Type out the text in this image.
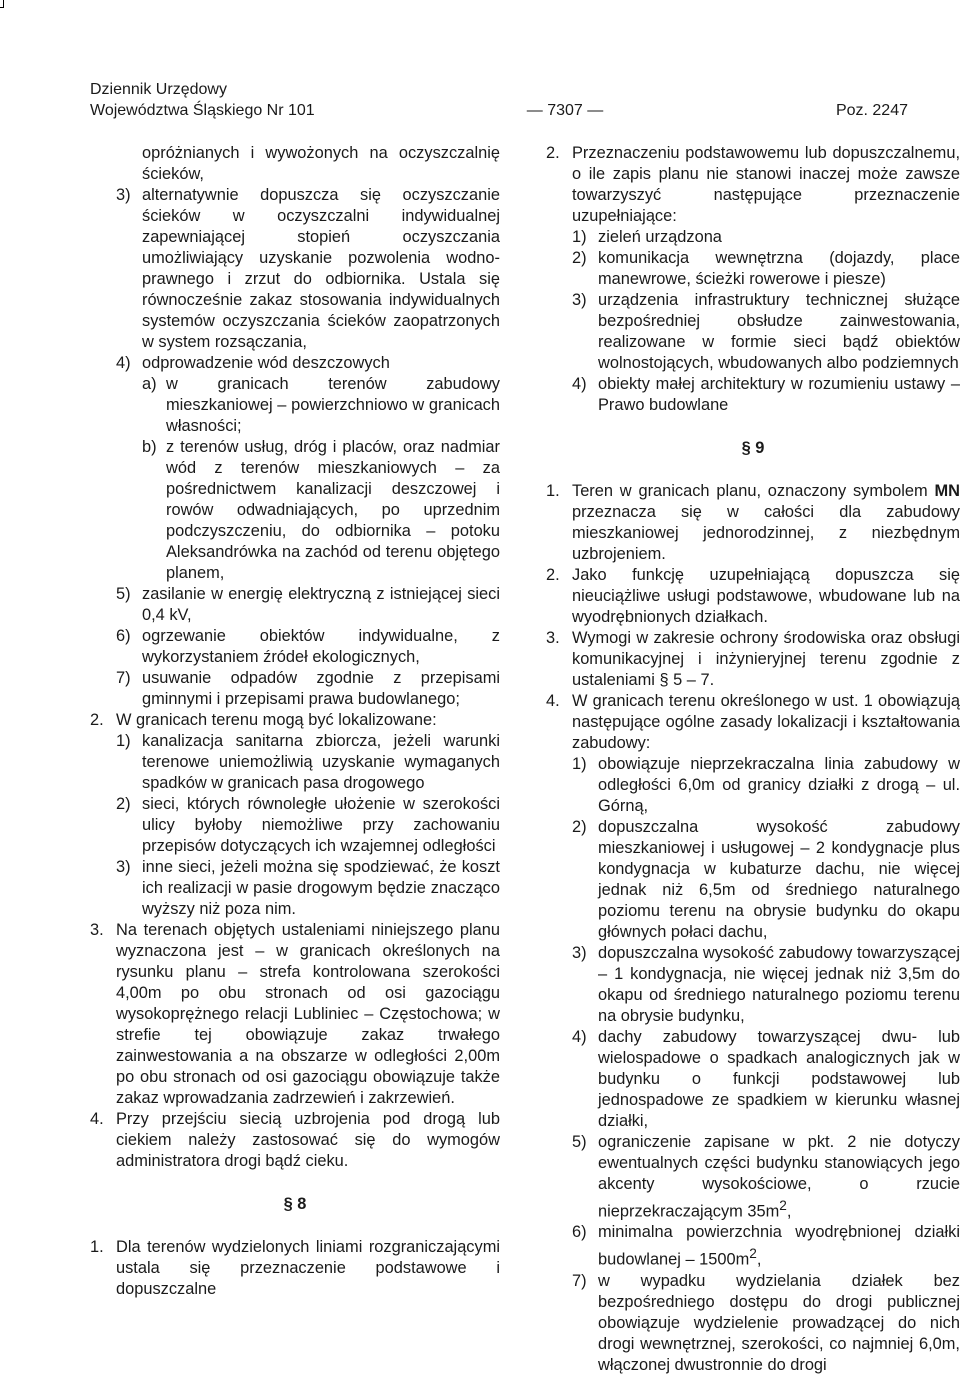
Dziennik Urzędowy
Województwa Śląskiego Nr 101	— 7307 —	Poz. 2247

opróżnianych i wywożonych na oczyszczalnię ścieków,

3) alternatywnie dopuszcza się oczyszczanie ścieków w oczyszczalni indywidualnej zapewniającej stopień oczyszczania umożliwiający uzyskanie pozwolenia wodno-prawnego i zrzut do odbiornika. Ustala się równocześnie zakaz stosowania indywidualnych systemów oczyszczania ścieków zaopatrzonych w system rozsączania,
4) odprowadzenie wód deszczowych
a) w granicach terenów zabudowy mieszkaniowej – powierzchniowo w granicach własności;
b) z terenów usług, dróg i placów, oraz nadmiar wód z terenów mieszkaniowych – za pośrednictwem kanalizacji deszczowej i rowów odwadniających, po uprzednim podczyszczeniu, do odbiornika – potoku Aleksandrówka na zachód od terenu objętego planem,
5) zasilanie w energię elektryczną z istniejącej sieci 0,4 kV,
6) ogrzewanie obiektów indywidualne, z wykorzystaniem źródeł ekologicznych,
7) usuwanie odpadów zgodnie z przepisami gminnymi i przepisami prawa budowlanego;
2. W granicach terenu mogą być lokalizowane:
1) kanalizacja sanitarna zbiorcza, jeżeli warunki terenowe uniemożliwią uzyskanie wymaganych spadków w granicach pasa drogowego
2) sieci, których równoległe ułożenie w szerokości ulicy byłoby niemożliwe przy zachowaniu przepisów dotyczących ich wzajemnej odległości
3) inne sieci, jeżeli można się spodziewać, że koszt ich realizacji w pasie drogowym będzie znacząco wyższy niż poza nim.
3. Na terenach objętych ustaleniami niniejszego planu wyznaczona jest – w granicach określonych na rysunku planu – strefa kontrolowana szerokości 4,00m po obu stronach od osi gazociągu wysokoprężnego relacji Lubliniec – Częstochowa; w strefie tej obowiązuje zakaz trwałego zainwestowania a na obszarze w odległości 2,00m po obu stronach od osi gazociągu obowiązuje także zakaz wprowadzania zadrzewień i zakrzewień.
4. Przy przejściu siecią uzbrojenia pod drogą lub ciekiem należy zastosować się do wymogów administratora drogi bądź cieku.

§ 8

1. Dla terenów wydzielonych liniami rozgraniczającymi ustala się przeznaczenie podstawowe i dopuszczalne
2. Przeznaczeniu podstawowemu lub dopuszczalnemu, o ile zapis planu nie stanowi inaczej może zawsze towarzyszyć następujące przeznaczenie uzupełniające:
1) zieleń urządzona
2) komunikacja wewnętrzna (dojazdy, place manewrowe, ścieżki rowerowe i piesze)
3) urządzenia infrastruktury technicznej służące bezpośredniej obsłudze zainwestowania, realizowane w formie sieci bądź obiektów wolnostojących, wbudowanych albo podziemnych
4) obiekty małej architektury w rozumieniu ustawy – Prawo budowlane

§ 9

1. Teren w granicach planu, oznaczony symbolem MN przeznacza się w całości dla zabudowy mieszkaniowej jednorodzinnej, z niezbędnym uzbrojeniem.
2. Jako funkcję uzupełniającą dopuszcza się nieuciążliwe usługi podstawowe, wbudowane lub na wyodrębnionych działkach.
3. Wymogi w zakresie ochrony środowiska oraz obsługi komunikacyjnej i inżynieryjnej terenu zgodnie z ustaleniami § 5 – 7.
4. W granicach terenu określonego w ust. 1 obowiązują następujące ogólne zasady lokalizacji i kształtowania zabudowy:
1) obowiązuje nieprzekraczalna linia zabudowy w odległości 6,0m od granicy działki z drogą – ul. Górną,
2) dopuszczalna wysokość zabudowy mieszkaniowej i usługowej – 2 kondygnacje plus kondygnacja w kubaturze dachu, nie więcej jednak niż 6,5m od średniego naturalnego poziomu terenu na obrysie budynku do okapu głównych połaci dachu,
3) dopuszczalna wysokość zabudowy towarzyszącej – 1 kondygnacja, nie więcej jednak niż 3,5m do okapu od średniego naturalnego poziomu terenu na obrysie budynku,
4) dachy zabudowy towarzyszącej dwu- lub wielospadowe o spadkach analogicznych jak w budynku o funkcji podstawowej lub jednospadowe ze spadkiem w kierunku własnej działki,
5) ograniczenie zapisane w pkt. 2 nie dotyczy ewentualnych części budynku stanowiących jego akcenty wysokościowe, o rzucie nieprzekraczającym $35m^2$,
6) minimalna powierzchnia wyodrębnionej działki budowlanej – $1500m^2$,
7) w wypadku wydzielania działek bez bezpośredniego dostępu do drogi publicznej obowiązuje wydzielenie prowadzącej do nich drogi wewnętrznej, szerokości, co najmniej 6,0m, włączonej dwustronnie do drogi
